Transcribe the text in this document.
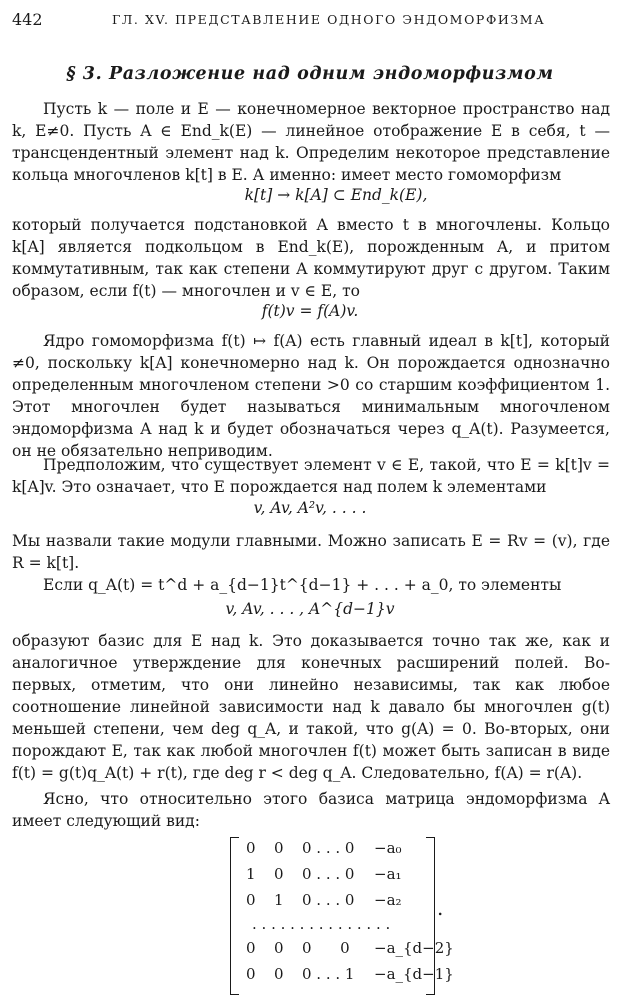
442	ГЛ. XV. ПРЕДСТАВЛЕНИЕ ОДНОГО ЭНДОМОРФИЗМА
§ 3. Разложение над одним эндоморфизмом
Пусть k — поле и E — конечномерное векторное пространство над k, E≠0. Пусть A ∈ End_k(E) — линейное отображение E в себя, t — трансцендентный элемент над k. Определим некоторое представление кольца многочленов k[t] в E. А именно: имеет место гомоморфизм
k[t] → k[A] ⊂ End_k(E),
который получается подстановкой A вместо t в многочлены. Кольцо k[A] является подкольцом в End_k(E), порожденным A, и притом коммутативным, так как степени A коммутируют друг с другом. Таким образом, если f(t) — многочлен и v ∈ E, то
f(t)v = f(A)v.
Ядро гомоморфизма f(t) ↦ f(A) есть главный идеал в k[t], который ≠0, поскольку k[A] конечномерно над k. Он порождается однозначно определенным многочленом степени >0 со старшим коэффициентом 1. Этот многочлен будет называться минимальным многочленом эндоморфизма A над k и будет обозначаться через q_A(t). Разумеется, он не обязательно неприводим.
Предположим, что существует элемент v ∈ E, такой, что E = k[t]v = k[A]v. Это означает, что E порождается над полем k элементами
v, Av, A²v, . . . .
Мы назвали такие модули главными. Можно записать E = Rv = (v), где R = k[t].
Если q_A(t) = t^d + a_{d−1}t^{d−1} + . . . + a_0, то элементы
v, Av, . . . , A^{d−1}v
образуют базис для E над k. Это доказывается точно так же, как и аналогичное утверждение для конечных расширений полей. Во-первых, отметим, что они линейно независимы, так как любое соотношение линейной зависимости над k давало бы многочлен g(t) меньшей степени, чем deg q_A, и такой, что g(A) = 0. Во-вторых, они порождают E, так как любой многочлен f(t) может быть записан в виде f(t) = g(t)q_A(t) + r(t), где deg r < deg q_A. Следовательно, f(A) = r(A).
Ясно, что относительно этого базиса матрица эндоморфизма A имеет следующий вид:
0 0 0 . . . 0 −a₀
1 0 0 . . . 0 −a₁
0 1 0 . . . 0 −a₂
. . . . . . . . . . . . . . .
0 0 0      0 −a_{d−2}
0 0 0 . . . 1 −a_{d−1}
.
